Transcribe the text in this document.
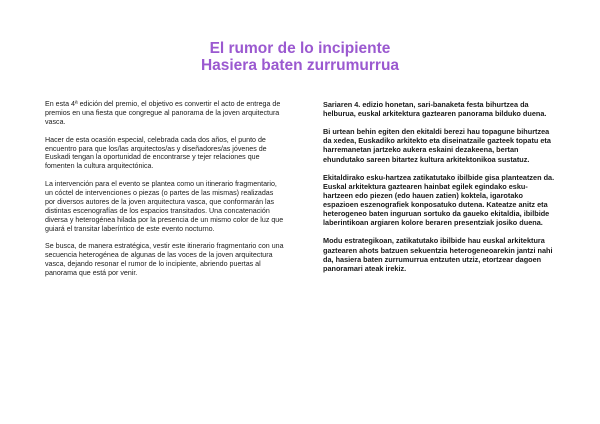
El rumor de lo incipiente
Hasiera baten zurrumurrua

En esta 4ª edición del premio, el objetivo es convertir el acto de entrega de premios en una fiesta que congregue al panorama de la joven arquitectura vasca.

Hacer de esta ocasión especial, celebrada cada dos años, el punto de encuentro para que los/las arquitectos/as y diseñadores/as jóvenes de Euskadi tengan la oportunidad de encontrarse y tejer relaciones que fomenten la cultura arquitectónica.

La intervención para el evento se plantea como un itinerario fragmentario, un cóctel de intervenciones o piezas (o partes de las mismas) realizadas por diversos autores de la joven arquitectura vasca, que conformarán las distintas escenografías de los espacios transitados. Una concatenación diversa y heterogénea hilada por la presencia de un mismo color de luz que guiará el transitar laberíntico de este evento nocturno.

Se busca, de manera estratégica, vestir este itinerario fragmentario con una secuencia heterogénea de algunas de las voces de la joven arquitectura vasca, dejando resonar el rumor de lo incipiente, abriendo puertas al panorama que está por venir.

Sariaren 4. edizio honetan, sari-banaketa festa bihurtzea da helburua, euskal arkitektura gaztearen panorama bilduko duena.

Bi urtean behin egiten den ekitaldi berezi hau topagune bihurtzea da xedea, Euskadiko arkitekto eta diseinatzaile gazteek topatu eta harremanetan jartzeko aukera eskaini dezakeena, bertan ehundutako sareen bitartez kultura arkitektonikoa sustatuz.

Ekitaldirako esku-hartzea zatikatutako ibilbide gisa planteatzen da. Euskal arkitektura gaztearen hainbat egilek egindako esku-hartzeen edo piezen (edo hauen zatien) koktela, igarotako espazioen eszenografiek konposatuko dutena. Kateatze anitz eta heterogeneo baten inguruan sortuko da gaueko ekitaldia, ibilbide laberintikoan argiaren kolore beraren presentziak josiko duena.

Modu estrategikoan, zatikatutako ibilbide hau euskal arkitektura gaztearen ahots batzuen sekuentzia heterogeneoarekin jantzi nahi da, hasiera baten zurrumurrua entzuten utziz, etortzear dagoen panoramari ateak irekiz.
